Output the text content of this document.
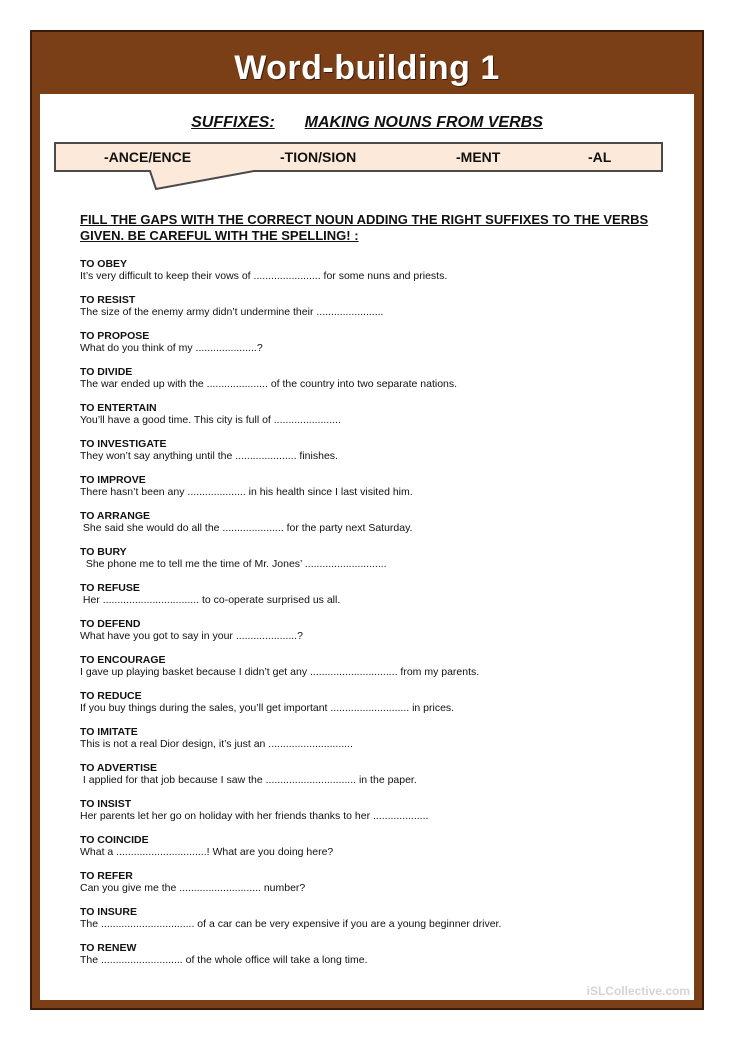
Word-building 1
SUFFIXES: MAKING NOUNS FROM VERBS
-ANCE/ENCE	-TION/SION	-MENT	-AL
FILL THE GAPS WITH THE CORRECT NOUN ADDING THE RIGHT SUFFIXES TO THE VERBS
GIVEN. BE CAREFUL WITH THE SPELLING! :
TO OBEY
It’s very difficult to keep their vows of ....................... for some nuns and priests.
TO RESIST
The size of the enemy army didn’t undermine their .......................
TO PROPOSE
What do you think of my .....................?
TO DIVIDE
The war ended up with the ..................... of the country into two separate nations.
TO ENTERTAIN
You’ll have a good time. This city is full of .......................
TO INVESTIGATE
They won’t say anything until the ..................... finishes.
TO IMPROVE
There hasn’t been any .................... in his health since I last visited him.
TO ARRANGE
She said she would do all the ..................... for the party next Saturday.
TO BURY
She phone me to tell me the time of Mr. Jones’ ............................
TO REFUSE
Her ................................. to co-operate surprised us all.
TO DEFEND
What have you got to say in your .....................?
TO ENCOURAGE
I gave up playing basket because I didn’t get any .............................. from my parents.
TO REDUCE
If you buy things during the sales, you’ll get important ........................... in prices.
TO IMITATE
This is not a real Dior design, it’s just an .............................
TO ADVERTISE
I applied for that job because I saw the ............................... in the paper.
TO INSIST
Her parents let her go on holiday with her friends thanks to her ...................
TO COINCIDE
What a ...............................! What are you doing here?
TO REFER
Can you give me the ............................ number?
TO INSURE
The ................................ of a car can be very expensive if you are a young beginner driver.
TO RENEW
The ............................ of the whole office will take a long time.
iSLCollective.com
